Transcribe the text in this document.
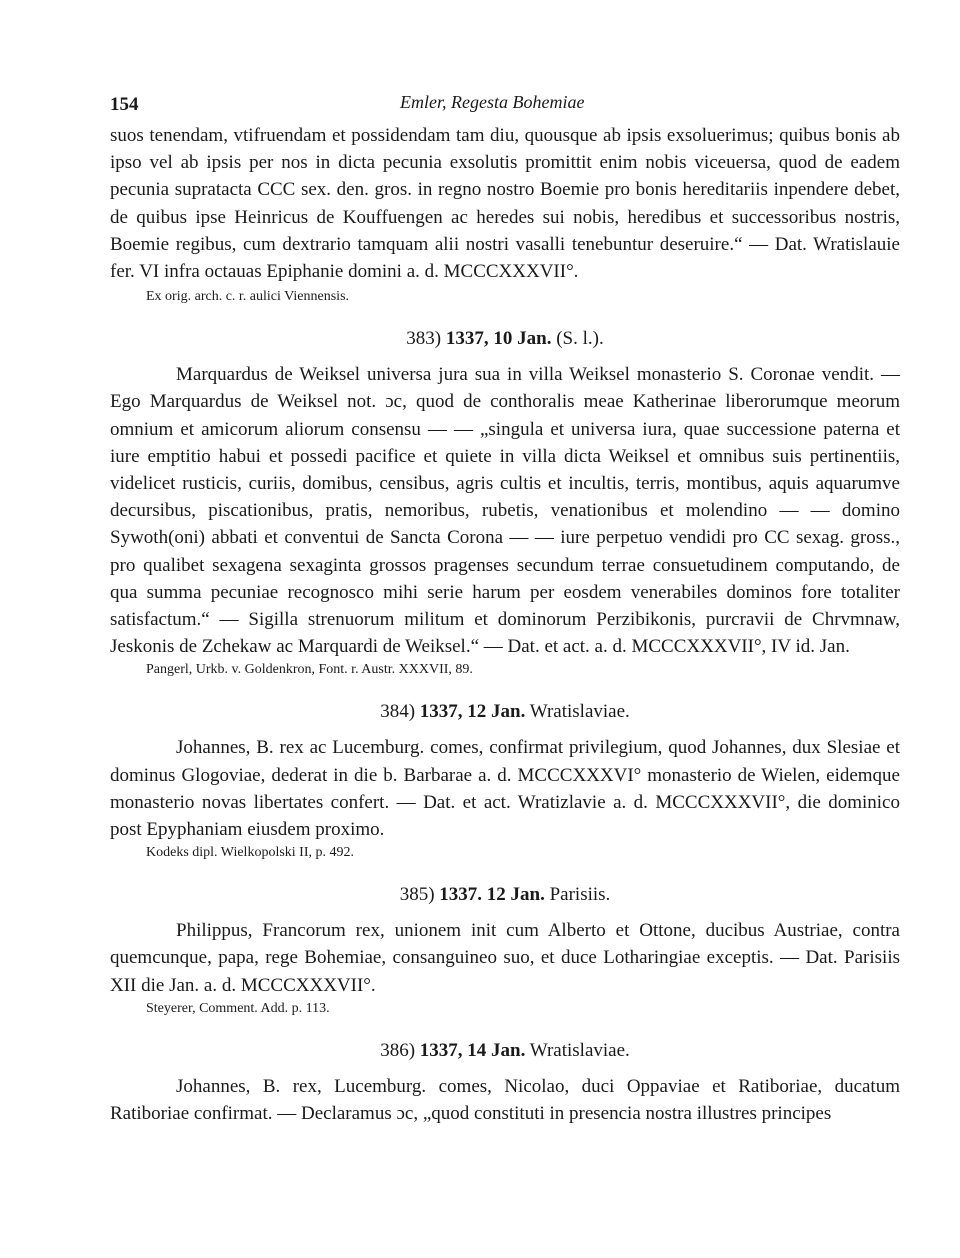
154	Emler, Regesta Bohemiae

suos tenendam, vtifruendam et possidendam tam diu, quousque ab ipsis exsoluerimus; quibus bonis ab ipso vel ab ipsis per nos in dicta pecunia exsolutis promittit enim nobis viceuersa, quod de eadem pecunia supratacta CCC sex. den. gros. in regno nostro Boemie pro bonis hereditariis inpendere debet, de quibus ipse Heinricus de Kouffuengen ac heredes sui nobis, heredibus et successoribus nostris, Boemie regibus, cum dextrario tamquam alii nostri vasalli tenebuntur deseruire.“ — Dat. Wratislauie fer. VI infra octauas Epiphanie domini a. d. MCCCXXXVII°.

Ex orig. arch. c. r. aulici Viennensis.

383) 1337, 10 Jan. (S. l.).

Marquardus de Weiksel universa jura sua in villa Weiksel monasterio S. Coronae vendit. — Ego Marquardus de Weiksel not. ɔc, quod de conthoralis meae Katherinae liberorumque meorum omnium et amicorum aliorum consensu — — „singula et universa iura, quae successione paterna et iure emptitio habui et possedi pacifice et quiete in villa dicta Weiksel et omnibus suis pertinentiis, videlicet rusticis, curiis, domibus, censibus, agris cultis et incultis, terris, montibus, aquis aquarumve decursibus, piscationibus, pratis, nemoribus, rubetis, venationibus et molendino — — domino Sywoth(oni) abbati et conventui de Sancta Corona — — iure perpetuo vendidi pro CC sexag. gross., pro qualibet sexagena sexaginta grossos pragenses secundum terrae consuetudinem computando, de qua summa pecuniae recognosco mihi serie harum per eosdem venerabiles dominos fore totaliter satisfactum.“ — Sigilla strenuorum militum et dominorum Perzibikonis, purcravii de Chrvmnaw, Jeskonis de Zchekaw ac Marquardi de Weiksel.“ — Dat. et act. a. d. MCCCXXXVII°, IV id. Jan.

Pangerl, Urkb. v. Goldenkron, Font. r. Austr. XXXVII, 89.

384) 1337, 12 Jan. Wratislaviae.

Johannes, B. rex ac Lucemburg. comes, confirmat privilegium, quod Johannes, dux Slesiae et dominus Glogoviae, dederat in die b. Barbarae a. d. MCCCXXXVI° monasterio de Wielen, eidemque monasterio novas libertates confert. — Dat. et act. Wratizlavie a. d. MCCCXXXVII°, die dominico post Epyphaniam eiusdem proximo.

Kodeks dipl. Wielkopolski II, p. 492.

385) 1337. 12 Jan. Parisiis.

Philippus, Francorum rex, unionem init cum Alberto et Ottone, ducibus Austriae, contra quemcunque, papa, rege Bohemiae, consanguineo suo, et duce Lotharingiae exceptis. — Dat. Parisiis XII die Jan. a. d. MCCCXXXVII°.

Steyerer, Comment. Add. p. 113.

386) 1337, 14 Jan. Wratislaviae.

Johannes, B. rex, Lucemburg. comes, Nicolao, duci Oppaviae et Ratiboriae, ducatum Ratiboriae confirmat. — Declaramus ɔc, „quod constituti in presencia nostra illustres principes
